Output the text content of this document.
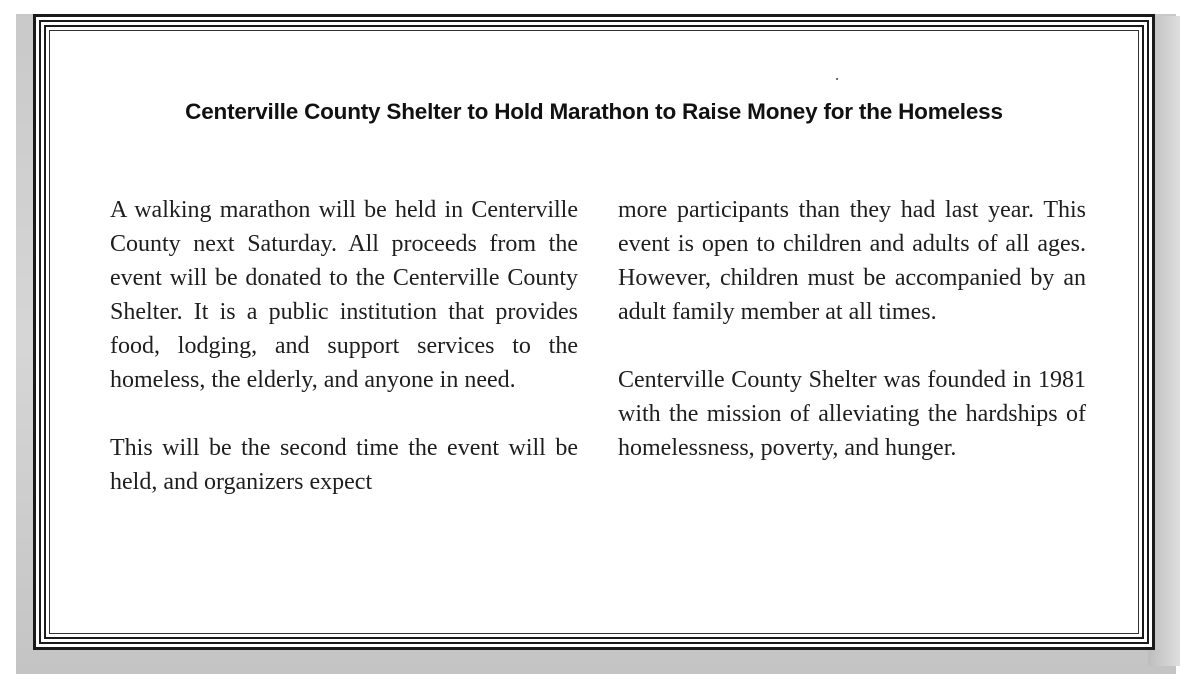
Centerville County Shelter to Hold Marathon to Raise Money for the Homeless

A walking marathon will be held in Centerville County next Saturday. All proceeds from the event will be donated to the Centerville County Shelter. It is a public institution that provides food, lodging, and support services to the homeless, the elderly, and anyone in need.

This will be the second time the event will be held, and organizers expect

more participants than they had last year. This event is open to children and adults of all ages. However, children must be accompanied by an adult family member at all times.

Centerville County Shelter was founded in 1981 with the mission of alleviating the hardships of homelessness, poverty, and hunger.
